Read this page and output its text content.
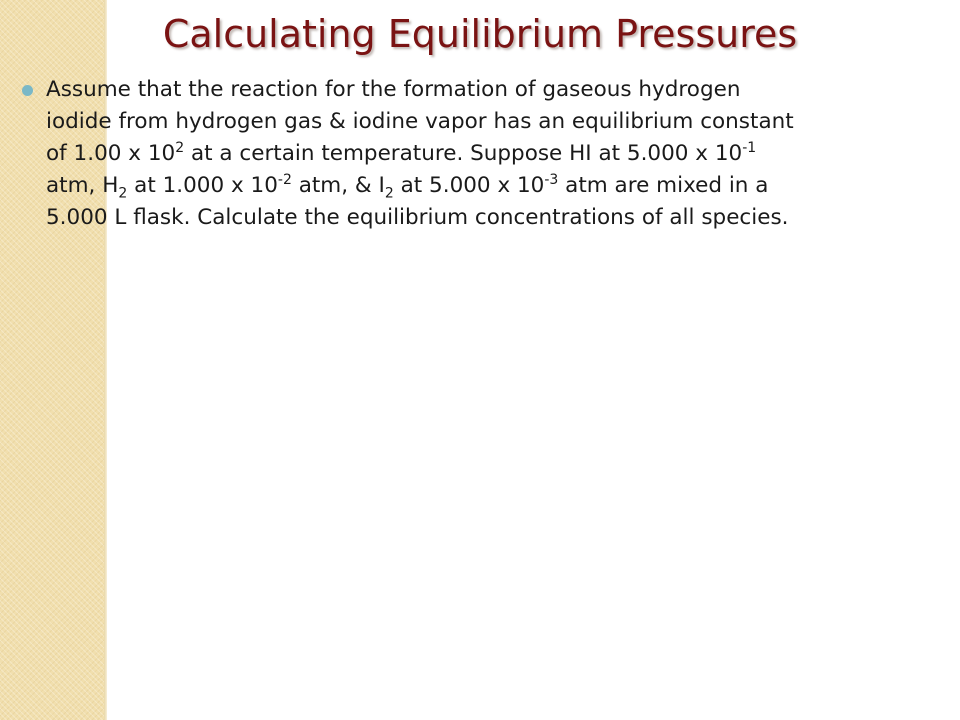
Calculating Equilibrium Pressures
Assume that the reaction for the formation of gaseous hydrogen
iodide from hydrogen gas & iodine vapor has an equilibrium constant
of 1.00 x $10^2$ at a certain temperature. Suppose HI at 5.000 x $10^{-1}$
atm, $H_2$ at 1.000 x $10^{-2}$ atm, & $I_2$ at 5.000 x $10^{-3}$ atm are mixed in a
5.000 L flask. Calculate the equilibrium concentrations of all species.
